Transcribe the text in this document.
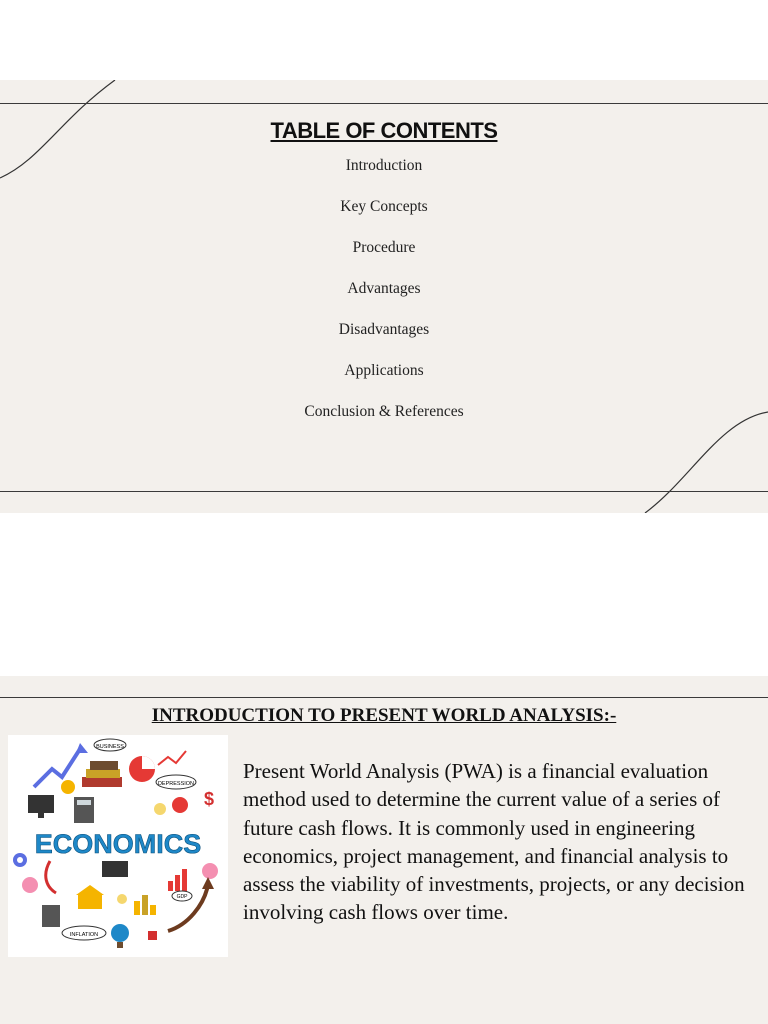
TABLE OF CONTENTS
Introduction
Key Concepts
Procedure
Advantages
Disadvantages
Applications
Conclusion & References
INTRODUCTION TO PRESENT WORLD ANALYSIS:-
BUSINESS
DEPRESSION
$
ECONOMICS
GDP
INFLATION

Present World Analysis (PWA) is a financial evaluation method used to determine the current value of a series of future cash flows. It is commonly used in engineering economics, project management, and financial analysis to assess the viability of investments, projects, or any decision involving cash flows over time.
